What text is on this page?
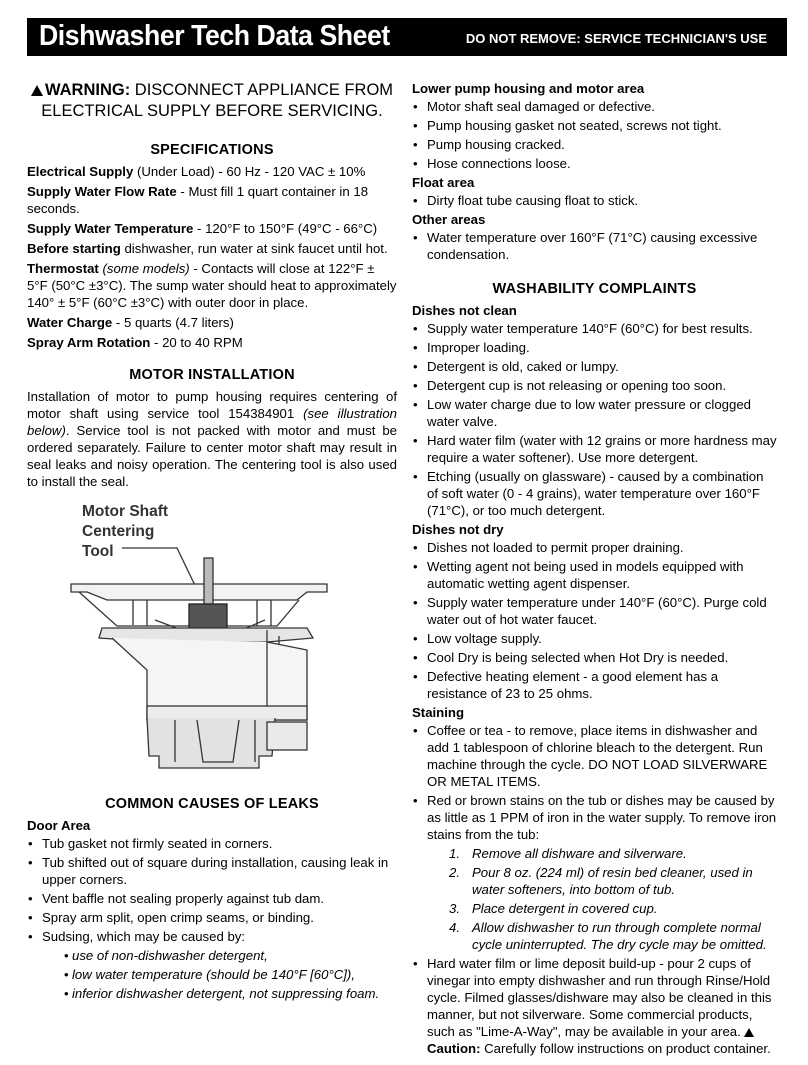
Dishwasher Tech Data Sheet	DO NOT REMOVE: SERVICE TECHNICIAN'S USE
WARNING: DISCONNECT APPLIANCE FROM ELECTRICAL SUPPLY BEFORE SERVICING.
SPECIFICATIONS

Electrical Supply (Under Load) - 60 Hz - 120 VAC ± 10%

Supply Water Flow Rate - Must fill 1 quart container in 18 seconds.

Supply Water Temperature - 120°F to 150°F (49°C - 66°C)

Before starting dishwasher, run water at sink faucet until hot.

Thermostat (some models) - Contacts will close at 122°F ± 5°F (50°C ±3°C). The sump water should heat to approximately 140° ± 5°F (60°C ±3°C) with outer door in place.

Water Charge - 5 quarts (4.7 liters)

Spray Arm Rotation - 20 to 40 RPM

MOTOR INSTALLATION

Installation of motor to pump housing requires centering of motor shaft using service tool 154384901 (see illustration below). Service tool is not packed with motor and must be ordered separately. Failure to center motor shaft may result in seal leaks and noisy operation. The centering tool is also used to install the seal.

Motor Shaft
Centering
Tool
COMMON CAUSES OF LEAKS
Door Area
• Tub gasket not firmly seated in corners.
• Tub shifted out of square during installation, causing leak in upper corners.
• Vent baffle not sealing properly against tub dam.
• Spray arm split, open crimp seams, or binding.
• Sudsing, which may be caused by:
• use of non-dishwasher detergent,
• low water temperature (should be 140°F [60°C]),
• inferior dishwasher detergent, not suppressing foam.
Lower pump housing and motor area
• Motor shaft seal damaged or defective.
• Pump housing gasket not seated, screws not tight.
• Pump housing cracked.
• Hose connections loose.
Float area
• Dirty float tube causing float to stick.
Other areas
• Water temperature over 160°F (71°C) causing excessive condensation.
WASHABILITY COMPLAINTS
Dishes not clean
• Supply water temperature 140°F (60°C) for best results.
• Improper loading.
• Detergent is old, caked or lumpy.
• Detergent cup is not releasing or opening too soon.
• Low water charge due to low water pressure or clogged water valve.
• Hard water film (water with 12 grains or more hardness may require a water softener). Use more detergent.
• Etching (usually on glassware) - caused by a combination of soft water (0 - 4 grains), water temperature over 160°F (71°C), or too much detergent.
Dishes not dry
• Dishes not loaded to permit proper draining.
• Wetting agent not being used in models equipped with automatic wetting agent dispenser.
• Supply water temperature under 140°F (60°C). Purge cold water out of hot water faucet.
• Low voltage supply.
• Cool Dry is being selected when Hot Dry is needed.
• Defective heating element - a good element has a resistance of 23 to 25 ohms.
Staining
• Coffee or tea - to remove, place items in dishwasher and add 1 tablespoon of chlorine bleach to the detergent. Run machine through the cycle. DO NOT LOAD SILVERWARE OR METAL ITEMS.
• Red or brown stains on the tub or dishes may be caused by as little as 1 PPM of iron in the water supply. To remove iron stains from the tub:
1. Remove all dishware and silverware.
2. Pour 8 oz. (224 ml) of resin bed cleaner, used in water softeners, into bottom of tub.
3. Place detergent in covered cup.
4. Allow dishwasher to run through complete normal cycle uninterrupted. The dry cycle may be omitted.
• Hard water film or lime deposit build-up - pour 2 cups of vinegar into empty dishwasher and run through Rinse/Hold cycle. Filmed glasses/dishware may also be cleaned in this manner, but not silverware. Some commercial products, such as "Lime-A-Way", may be available in your area. Caution: Carefully follow instructions on product container.
